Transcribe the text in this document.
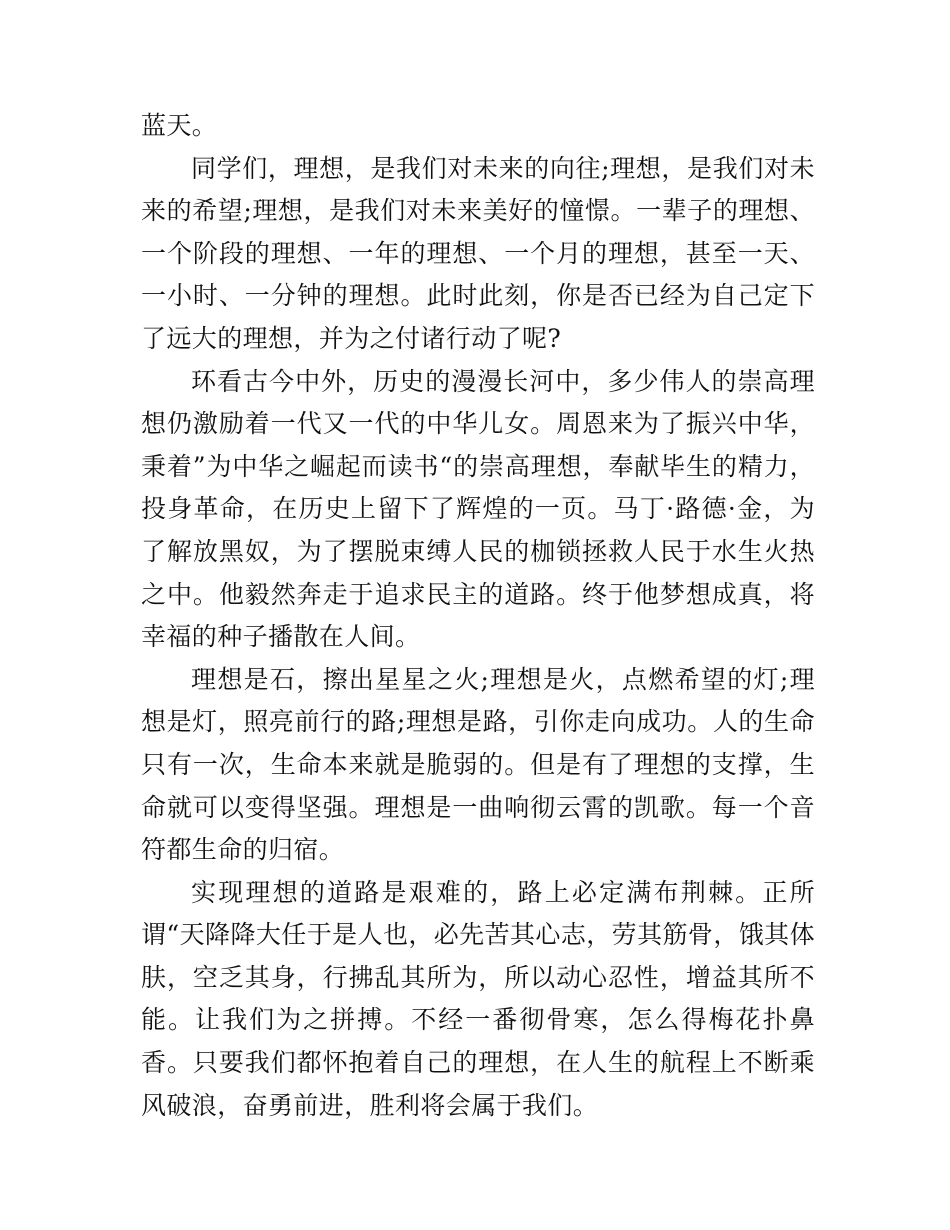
蓝天。

同学们，理想，是我们对未来的向往;理想，是我们对未来的希望;理想，是我们对未来美好的憧憬。一辈子的理想、一个阶段的理想、一年的理想、一个月的理想，甚至一天、一小时、一分钟的理想。此时此刻，你是否已经为自己定下了远大的理想，并为之付诸行动了呢?

环看古今中外，历史的漫漫长河中，多少伟人的崇高理想仍激励着一代又一代的中华儿女。周恩来为了振兴中华，秉着”为中华之崛起而读书“的崇高理想，奉献毕生的精力，投身革命，在历史上留下了辉煌的一页。马丁·路德·金，为了解放黑奴，为了摆脱束缚人民的枷锁拯救人民于水生火热之中。他毅然奔走于追求民主的道路。终于他梦想成真，将幸福的种子播散在人间。

理想是石，擦出星星之火;理想是火，点燃希望的灯;理想是灯，照亮前行的路;理想是路，引你走向成功。人的生命只有一次，生命本来就是脆弱的。但是有了理想的支撑，生命就可以变得坚强。理想是一曲响彻云霄的凯歌。每一个音符都生命的归宿。

实现理想的道路是艰难的，路上必定满布荆棘。正所谓“天降降大任于是人也，必先苦其心志，劳其筋骨，饿其体肤，空乏其身，行拂乱其所为，所以动心忍性，增益其所不能。让我们为之拼搏。不经一番彻骨寒，怎么得梅花扑鼻香。只要我们都怀抱着自己的理想，在人生的航程上不断乘风破浪，奋勇前进，胜利将会属于我们。
